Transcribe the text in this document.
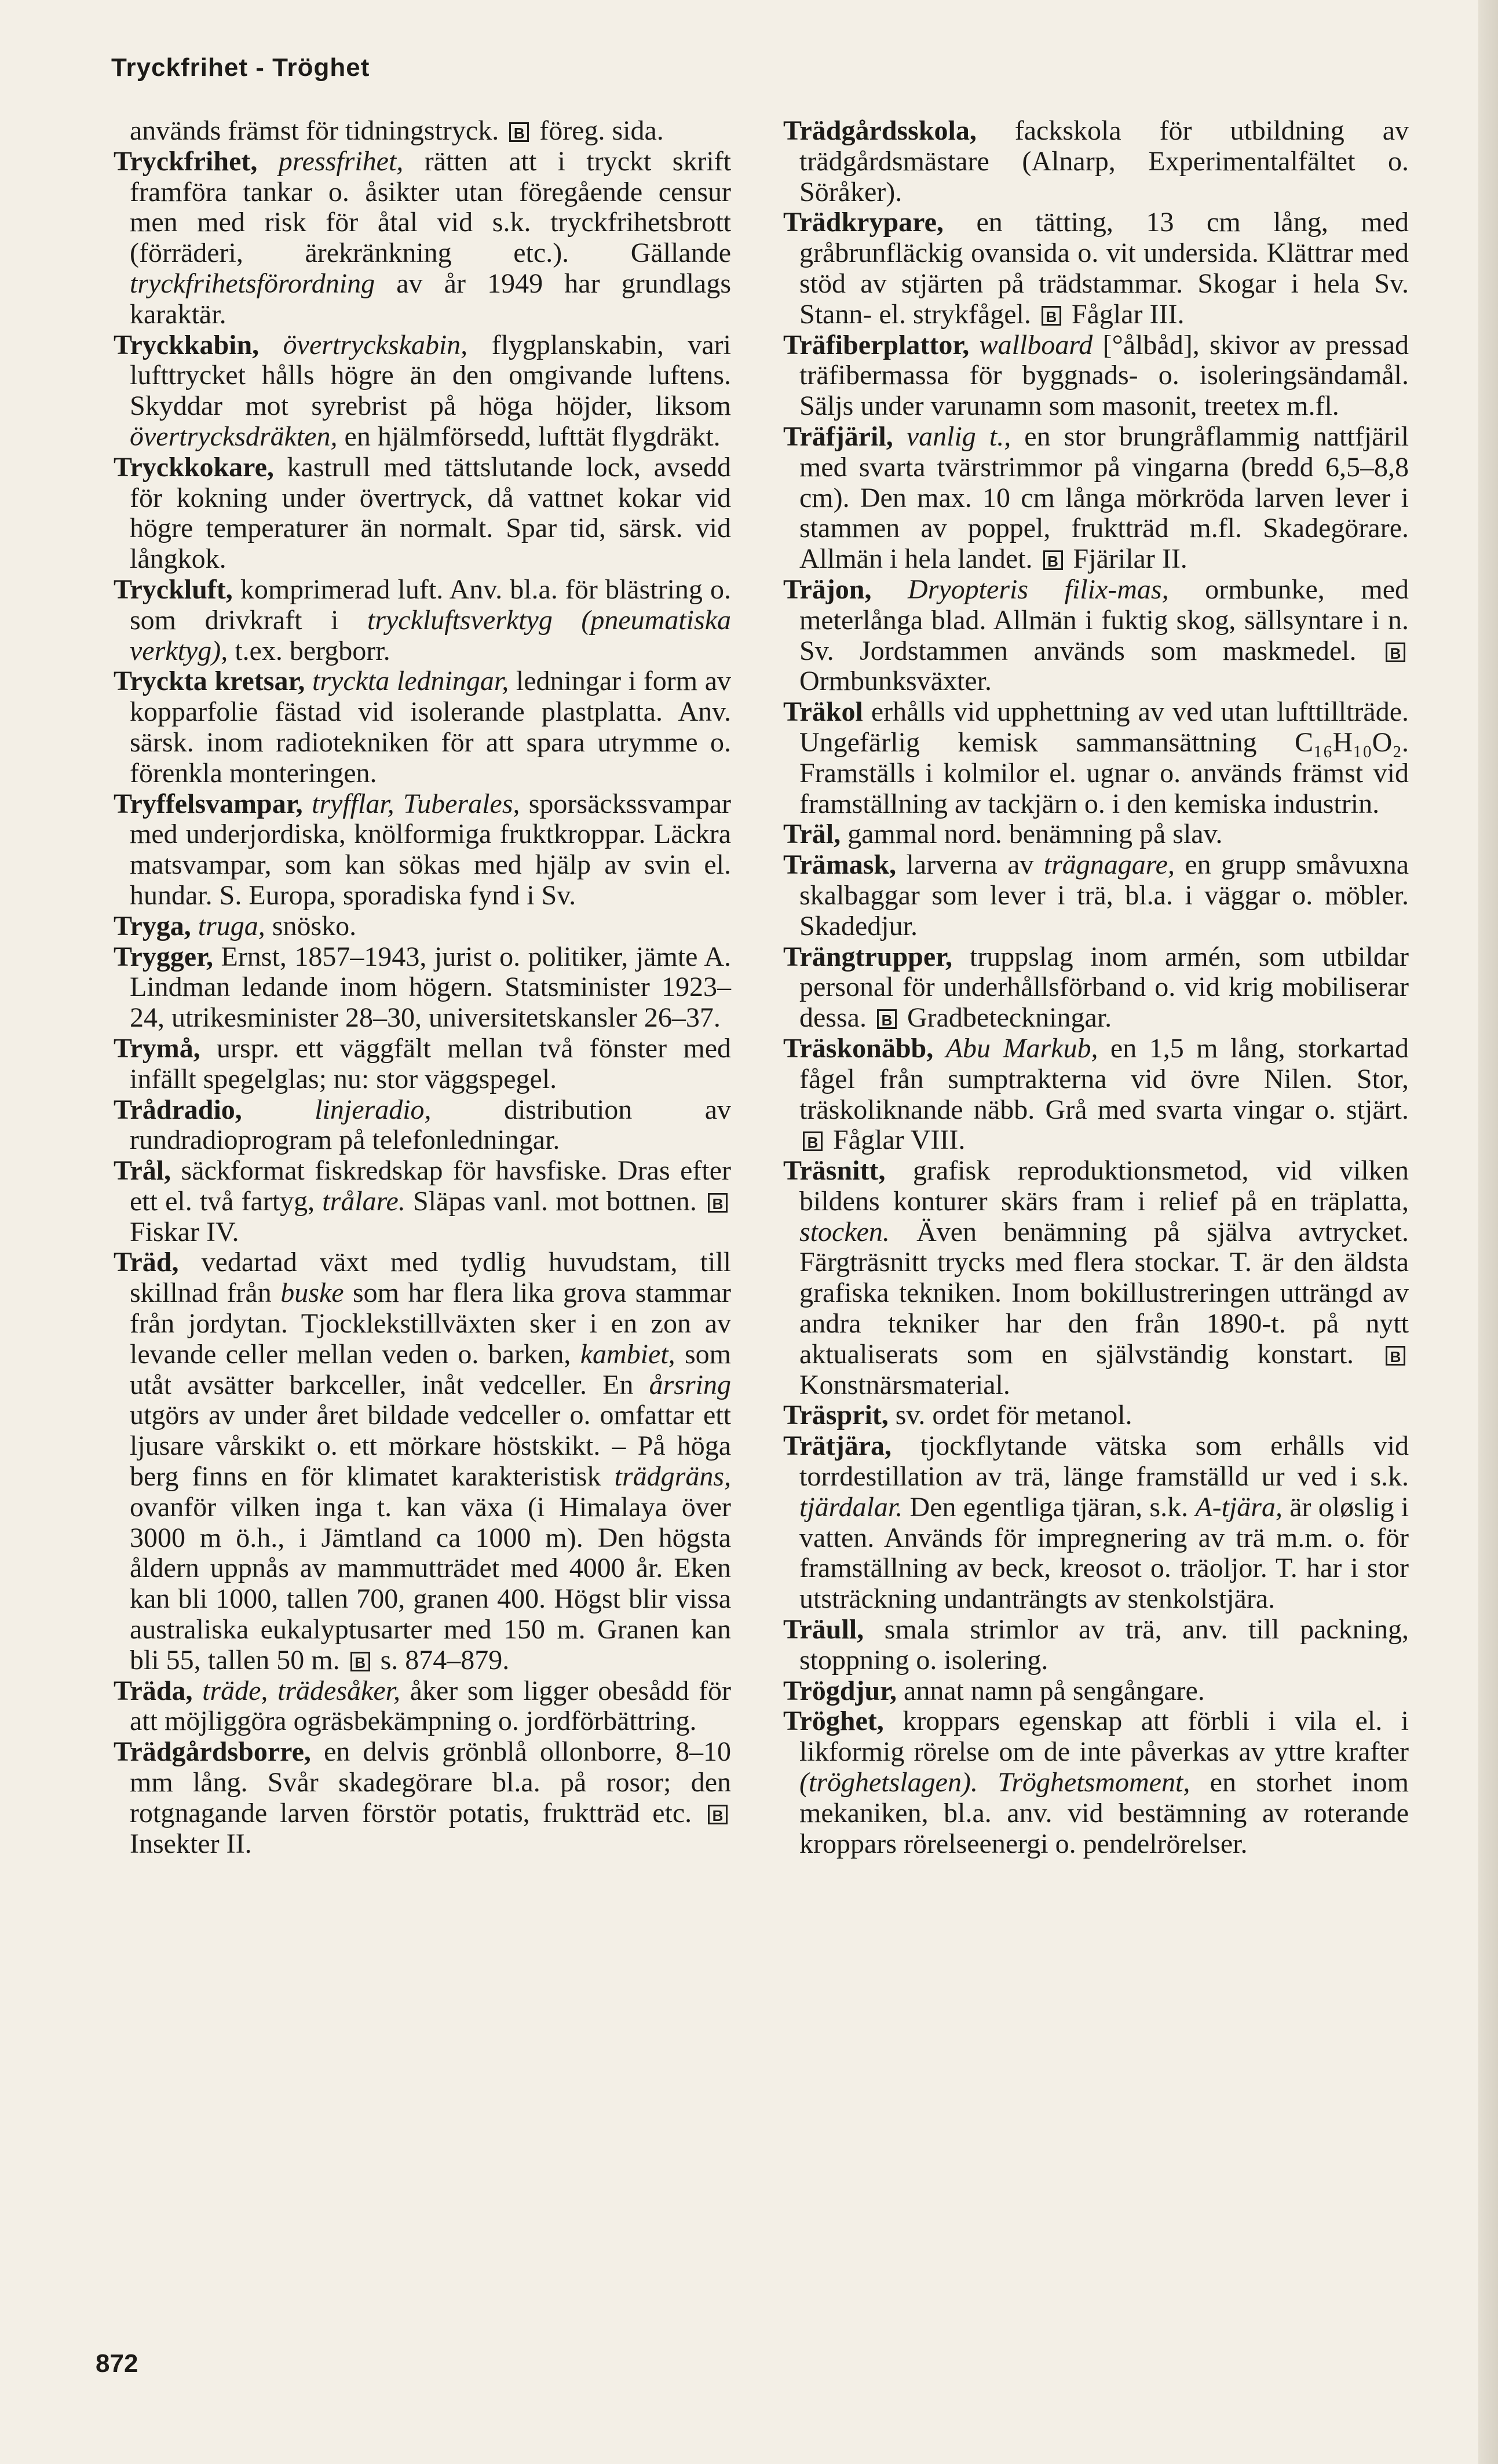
Tryckfrihet - Tröghet

används främst för tidningstryck. B föreg. sida.

Tryckfrihet, pressfrihet, rätten att i tryckt skrift framföra tankar o. åsikter utan föregående censur men med risk för åtal vid s.k. tryckfrihetsbrott (förräderi, ärekränkning etc.). Gällande tryckfrihetsförordning av år 1949 har grundlags karaktär.

Tryckkabin, övertryckskabin, flygplanskabin, vari lufttrycket hålls högre än den omgivande luftens. Skyddar mot syrebrist på höga höjder, liksom övertrycksdräkten, en hjälmförsedd, lufttät flygdräkt.

Tryckkokare, kastrull med tättslutande lock, avsedd för kokning under övertryck, då vattnet kokar vid högre temperaturer än normalt. Spar tid, särsk. vid långkok.

Tryckluft, komprimerad luft. Anv. bl.a. för blästring o. som drivkraft i tryckluftsverktyg (pneumatiska verktyg), t.ex. bergborr.

Tryckta kretsar, tryckta ledningar, ledningar i form av kopparfolie fästad vid isolerande plastplatta. Anv. särsk. inom radiotekniken för att spara utrymme o. förenkla monteringen.

Tryffelsvampar, tryfflar, Tuberales, sporsäckssvampar med underjordiska, knölformiga fruktkroppar. Läckra matsvampar, som kan sökas med hjälp av svin el. hundar. S. Europa, sporadiska fynd i Sv.

Tryga, truga, snösko.

Trygger, Ernst, 1857–1943, jurist o. politiker, jämte A. Lindman ledande inom högern. Statsminister 1923–24, utrikesminister 28–30, universitetskansler 26–37.

Trymå, urspr. ett väggfält mellan två fönster med infällt spegelglas; nu: stor väggspegel.

Trådradio,	linjeradio,	distribution av rundradioprogram på telefonledningar.

Trål, säckformat fiskredskap för havsfiske. Dras efter ett el. två fartyg, trålare. Släpas vanl. mot bottnen. B Fiskar IV.

Träd, vedartad växt med tydlig huvudstam, till skillnad från buske som har flera lika grova stammar från jordytan. Tjocklekstillväxten sker i en zon av levande celler mellan veden o. barken, kambiet, som utåt avsätter barkceller, inåt vedceller. En årsring utgörs av under året bildade vedceller o. omfattar ett ljusare vårskikt o. ett mörkare höstskikt. – På höga berg finns en för klimatet karakteristisk trädgräns, ovanför vilken inga t. kan växa (i Himalaya över 3000 m ö.h., i Jämtland ca 1000 m). Den högsta åldern uppnås av mammutträdet med 4000 år. Eken kan bli 1000, tallen 700, granen 400. Högst blir vissa australiska eukalyptusarter med 150 m. Granen kan bli 55, tallen 50 m. B s. 874–879.

Träda, träde, trädesåker, åker som ligger obesådd för att möjliggöra ogräsbekämpning o. jordförbättring.

Trädgårdsborre, en delvis grönblå ollonborre, 8–10 mm lång. Svår skadegörare bl.a. på rosor; den rotgnagande larven förstör potatis, fruktträd etc. B Insekter II.

Trädgårdsskola, fackskola för utbildning av trädgårdsmästare (Alnarp, Experimentalfältet o. Söråker).

Trädkrypare, en tätting, 13 cm lång, med gråbrunfläckig ovansida o. vit undersida. Klättrar med stöd av stjärten på trädstammar. Skogar i hela Sv. Stann- el. strykfågel. B Fåglar III.

Träfiberplattor, wallboard [°ålbåd], skivor av pressad träfibermassa för byggnads- o. isoleringsändamål. Säljs under varunamn som masonit, treetex m.fl.

Träfjäril, vanlig t., en stor brungråflammig nattfjäril med svarta tvärstrimmor på vingarna (bredd 6,5–8,8 cm). Den max. 10 cm långa mörkröda larven lever i stammen av poppel, fruktträd m.fl. Skadegörare. Allmän i hela landet. B Fjärilar II.

Träjon, Dryopteris filix-mas, ormbunke, med meterlånga blad. Allmän i fuktig skog, sällsyntare i n. Sv. Jordstammen används som maskmedel. B Ormbunksväxter.

Träkol erhålls vid upphettning av ved utan lufttillträde. Ungefärlig kemisk sammansättning C₁₆H₁₀O₂. Framställs i kolmilor el. ugnar o. används främst vid framställning av tackjärn o. i den kemiska industrin.

Träl, gammal nord. benämning på slav.

Trämask, larverna av trägnagare, en grupp småvuxna skalbaggar som lever i trä, bl.a. i väggar o. möbler. Skadedjur.

Trängtrupper, truppslag inom armén, som utbildar personal för underhållsförband o. vid krig mobiliserar dessa. B Gradbeteckningar.

Träskonäbb, Abu Markub, en 1,5 m lång, storkartad fågel från sumptrakterna vid övre Nilen. Stor, träskoliknande näbb. Grå med svarta vingar o. stjärt. B Fåglar VIII.

Träsnitt, grafisk reproduktionsmetod, vid vilken bildens konturer skärs fram i relief på en träplatta, stocken. Även benämning på själva avtrycket. Färgträsnitt trycks med flera stockar. T. är den äldsta grafiska tekniken. Inom bokillustreringen utträngd av andra tekniker har den från 1890-t. på nytt aktualiserats som en självständig konstart. B Konstnärsmaterial.

Träsprit, sv. ordet för metanol.

Trätjära, tjockflytande vätska som erhålls vid torrdestillation av trä, länge framställd ur ved i s.k. tjärdalar. Den egentliga tjäran, s.k. A-tjära, är oløslig i vatten. Används för impregnering av trä m.m. o. för framställning av beck, kreosot o. träoljor. T. har i stor utsträckning undanträngts av stenkolstjära.

Träull, smala strimlor av trä, anv. till packning, stoppning o. isolering.

Trögdjur, annat namn på sengångare.

Tröghet, kroppars egenskap att förbli i vila el. i likformig rörelse om de inte påverkas av yttre krafter (tröghetslagen). Tröghetsmoment, en storhet inom mekaniken, bl.a. anv. vid bestämning av roterande kroppars rörelseenergi o. pendelrörelser.

872
